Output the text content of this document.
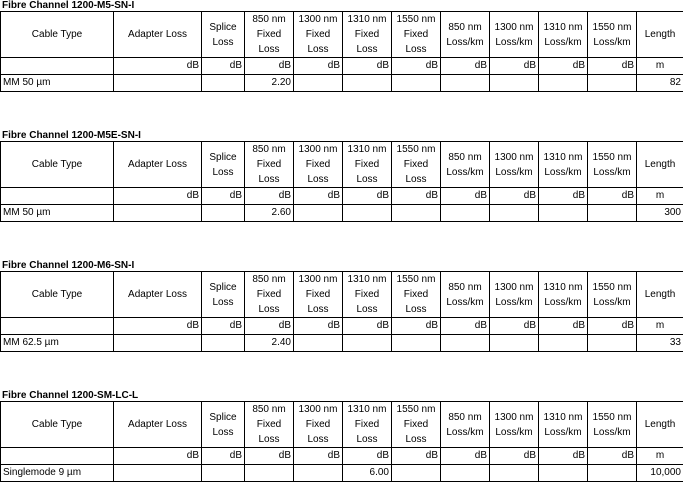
Fibre Channel 1200-M5-SN-I
Cable Type	Adapter Loss	Splice Loss	850 nm Fixed Loss	1300 nm Fixed Loss	1310 nm Fixed Loss	1550 nm Fixed Loss	850 nm Loss/km	1300 nm Loss/km	1310 nm Loss/km	1550 nm Loss/km	Length
	dB	dB	dB	dB	dB	dB	dB	dB	dB	dB	m
MM 50 µm			2.20								82
Fibre Channel 1200-M5E-SN-I
Cable Type	Adapter Loss	Splice Loss	850 nm Fixed Loss	1300 nm Fixed Loss	1310 nm Fixed Loss	1550 nm Fixed Loss	850 nm Loss/km	1300 nm Loss/km	1310 nm Loss/km	1550 nm Loss/km	Length
	dB	dB	dB	dB	dB	dB	dB	dB	dB	dB	m
MM 50 µm			2.60								300
Fibre Channel 1200-M6-SN-I
Cable Type	Adapter Loss	Splice Loss	850 nm Fixed Loss	1300 nm Fixed Loss	1310 nm Fixed Loss	1550 nm Fixed Loss	850 nm Loss/km	1300 nm Loss/km	1310 nm Loss/km	1550 nm Loss/km	Length
	dB	dB	dB	dB	dB	dB	dB	dB	dB	dB	m
MM 62.5 µm			2.40								33
Fibre Channel 1200-SM-LC-L
Cable Type	Adapter Loss	Splice Loss	850 nm Fixed Loss	1300 nm Fixed Loss	1310 nm Fixed Loss	1550 nm Fixed Loss	850 nm Loss/km	1300 nm Loss/km	1310 nm Loss/km	1550 nm Loss/km	Length
	dB	dB	dB	dB	dB	dB	dB	dB	dB	dB	m
Singlemode 9 µm					6.00						10,000
